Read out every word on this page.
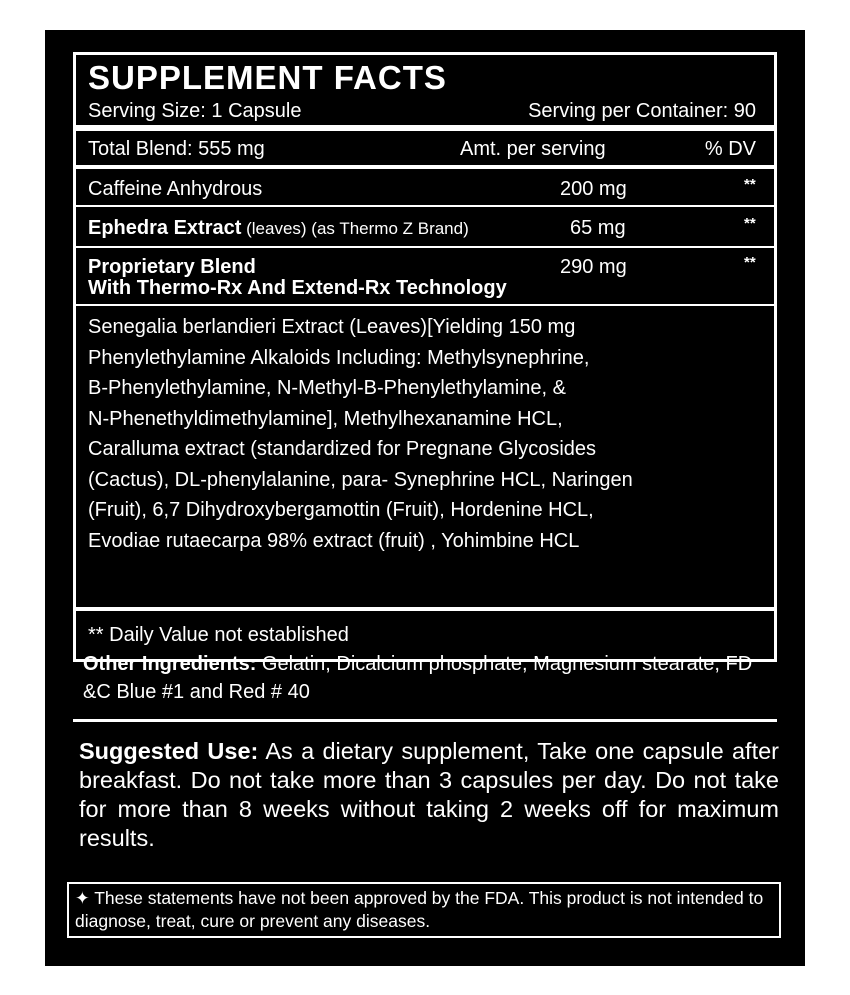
SUPPLEMENT FACTS
Serving Size: 1 Capsule	Serving per Container: 90
Total Blend: 555 mg	Amt. per serving	% DV
Caffeine Anhydrous	200 mg	**
Ephedra Extract (leaves) (as Thermo Z Brand)	65 mg	**
Proprietary Blend	290 mg	**
With Thermo-Rx And Extend-Rx Technology
Senegalia berlandieri Extract (Leaves)[Yielding 150 mg
Phenylethylamine Alkaloids Including: Methylsynephrine,
B-Phenylethylamine, N-Methyl-B-Phenylethylamine, &
N-Phenethyldimethylamine], Methylhexanamine HCL,
Caralluma extract (standardized for Pregnane Glycosides
(Cactus), DL-phenylalanine, para- Synephrine HCL, Naringen
(Fruit), 6,7 Dihydroxybergamottin (Fruit), Hordenine HCL,
Evodiae rutaecarpa 98% extract (fruit) , Yohimbine HCL
** Daily Value not established
Other Ingredients: Gelatin, Dicalcium phosphate, Magnesium stearate, FD &C Blue #1 and Red # 40
Suggested Use: As a dietary supplement, Take one capsule after breakfast. Do not take more than 3 capsules per day. Do not take for more than 8 weeks without taking 2 weeks off for maximum results.
✦ These statements have not been approved by the FDA. This product is not intended to diagnose, treat, cure or prevent any diseases.
